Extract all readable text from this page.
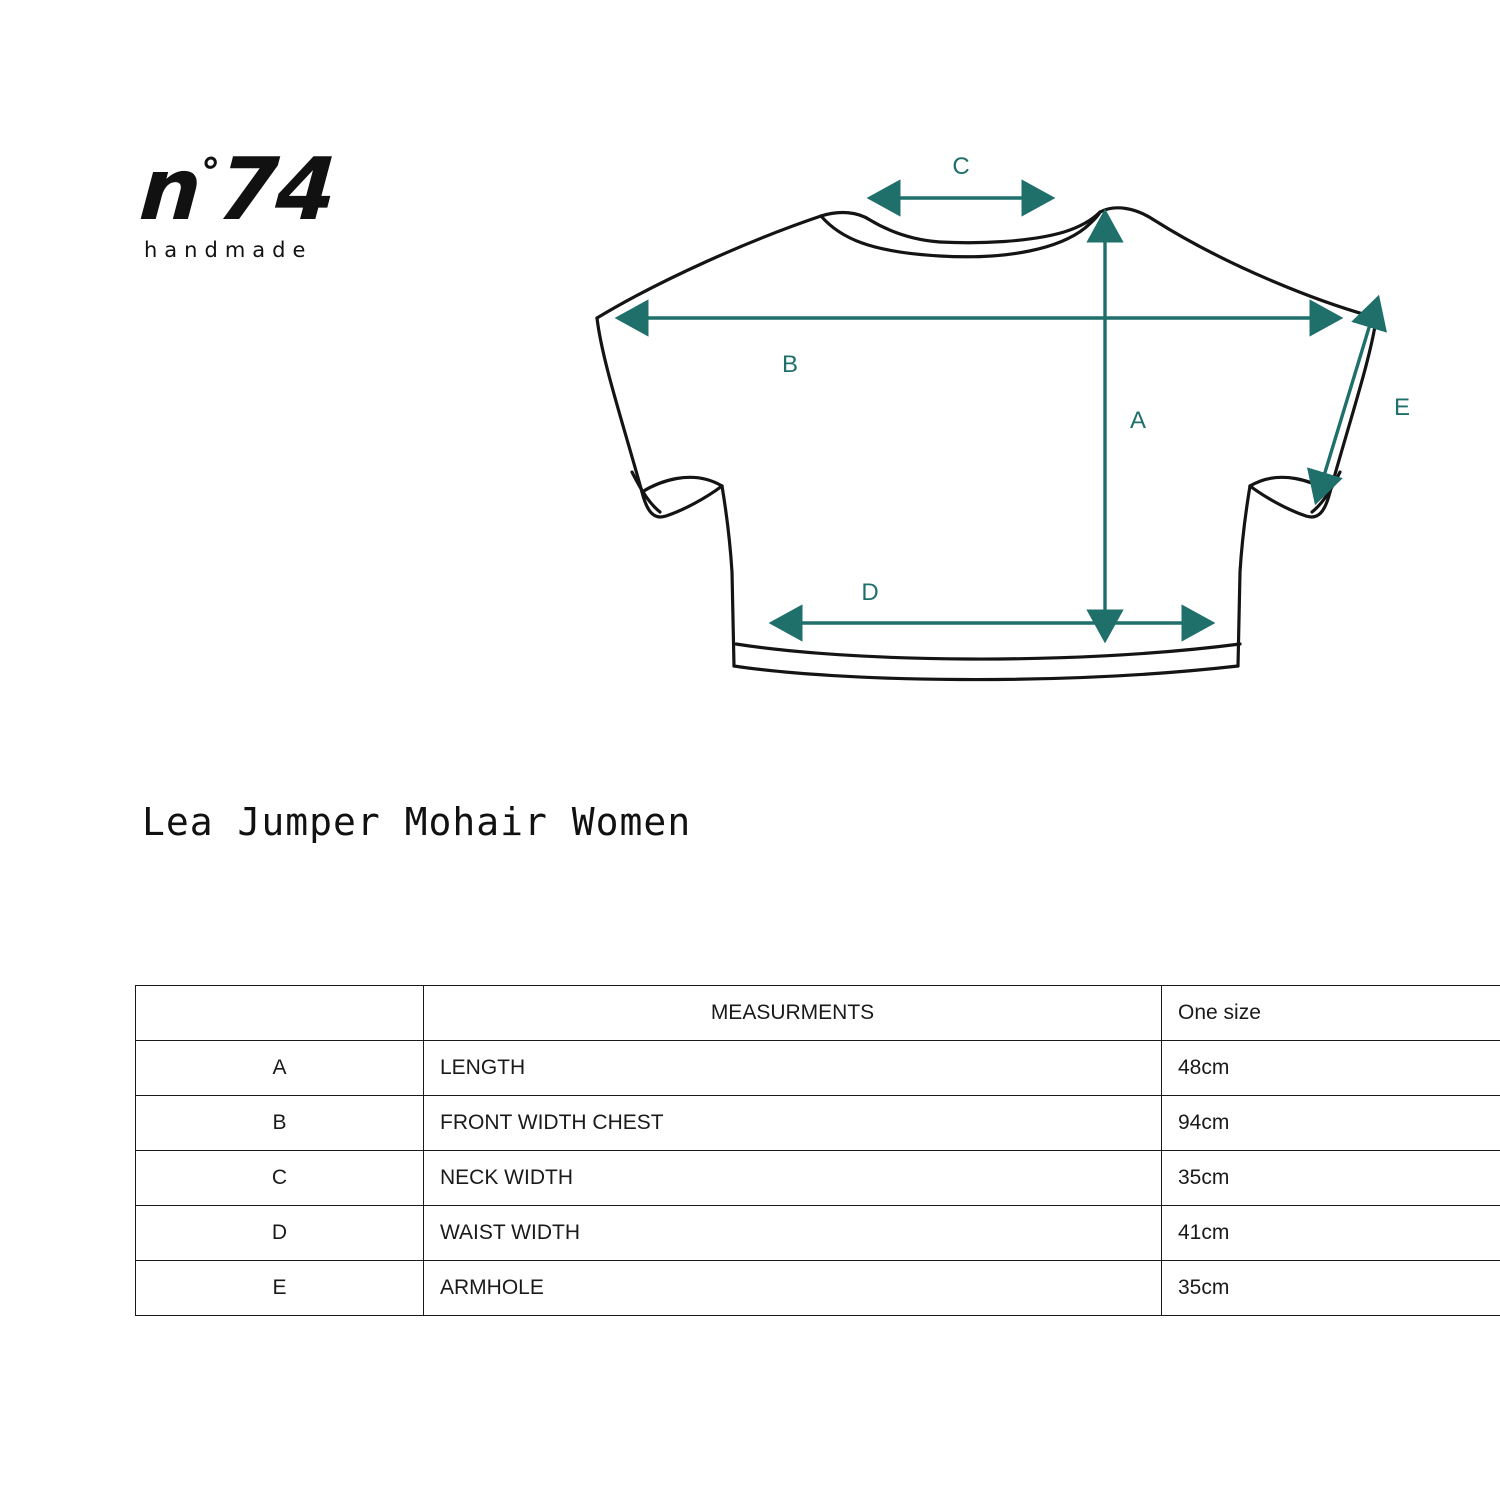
n°74
handmade
C
B
A
D
E
Lea Jumper Mohair Women
	MEASURMENTS	One size
A	LENGTH	48cm
B	FRONT WIDTH CHEST	94cm
C	NECK WIDTH	35cm
D	WAIST WIDTH	41cm
E	ARMHOLE	35cm
